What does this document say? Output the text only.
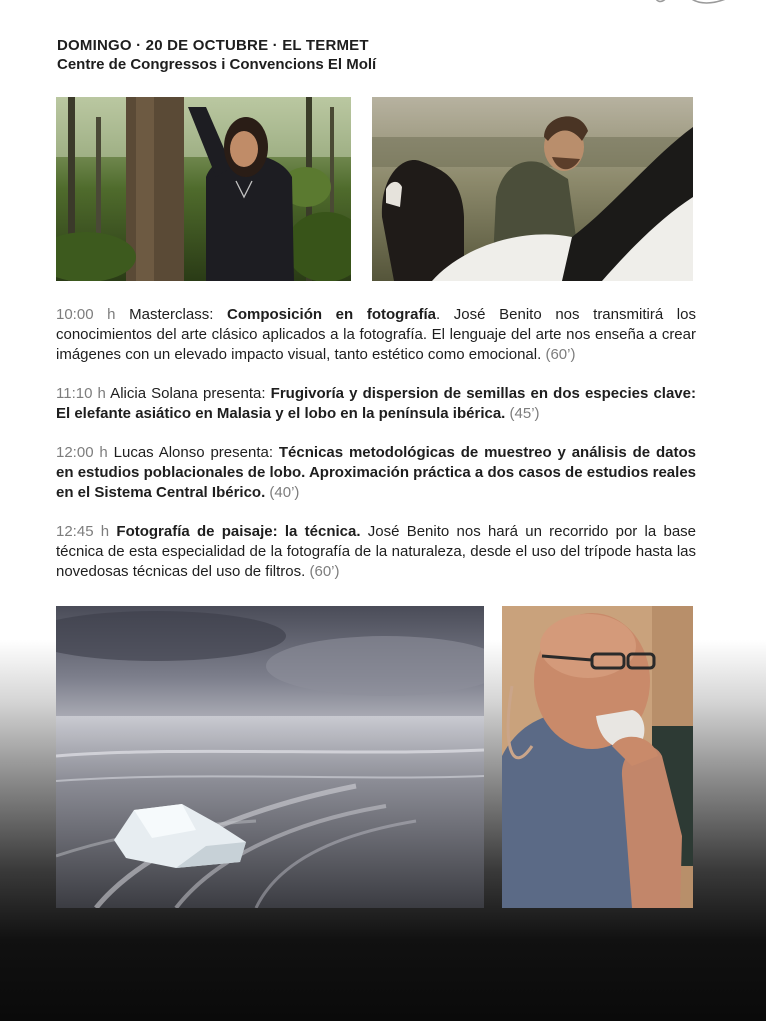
DOMINGO · 20 DE OCTUBRE · EL TERMET
Centre de Congressos i Convencions El Molí

10:00 h Masterclass: Composición en fotografía. José Benito nos transmitirá los conocimientos del arte clásico aplicados a la fotografía. El lenguaje del arte nos enseña a crear imágenes con un elevado impacto visual, tanto estético como emocional. (60’)

11:10 h Alicia Solana presenta: Frugivoría y dispersion de semillas en dos especies clave: El elefante asiático en Malasia y el lobo en la península ibérica. (45’)

12:00 h Lucas Alonso presenta: Técnicas metodológicas de muestreo y análisis de datos en estudios poblacionales de lobo. Aproximación práctica a dos casos de estudios reales en el Sistema Central Ibérico. (40’)

12:45 h Fotografía de paisaje: la técnica. José Benito nos hará un recorrido por la base técnica de esta especialidad de la fotografía de la naturaleza, desde el uso del trípode hasta las novedosas técnicas del uso de filtros. (60’)
